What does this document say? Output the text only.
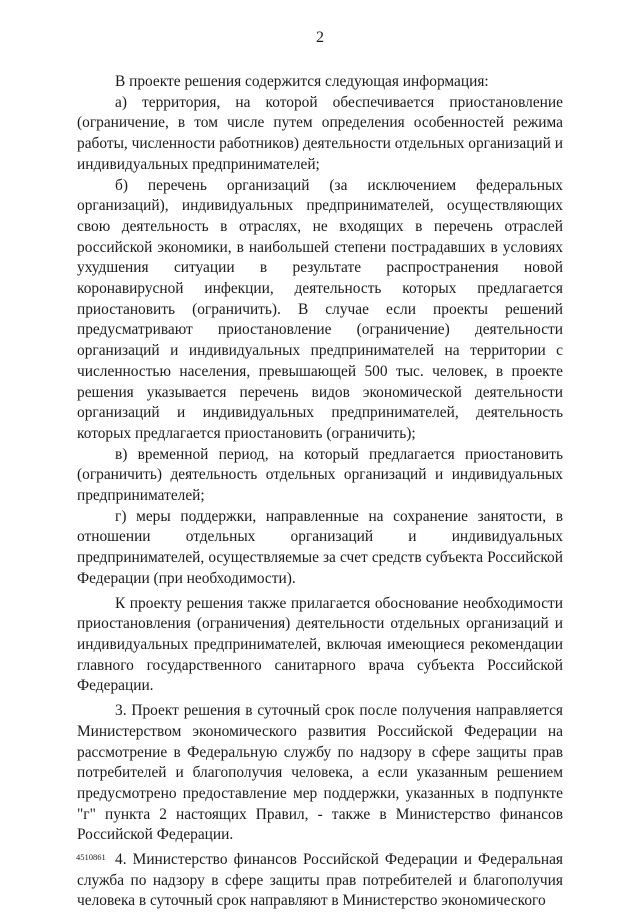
2

В проекте решения содержится следующая информация:

а) территория, на которой обеспечивается приостановление (ограничение, в том числе путем определения особенностей режима работы, численности работников) деятельности отдельных организаций и индивидуальных предпринимателей;

б) перечень организаций (за исключением федеральных организаций), индивидуальных предпринимателей, осуществляющих свою деятельность в отраслях, не входящих в перечень отраслей российской экономики, в наибольшей степени пострадавших в условиях ухудшения ситуации в результате распространения новой коронавирусной инфекции, деятельность которых предлагается приостановить (ограничить). В случае если проекты решений предусматривают приостановление (ограничение) деятельности организаций и индивидуальных предпринимателей на территории с численностью населения, превышающей 500 тыс. человек, в проекте решения указывается перечень видов экономической деятельности организаций и индивидуальных предпринимателей, деятельность которых предлагается приостановить (ограничить);

в) временной период, на который предлагается приостановить (ограничить) деятельность отдельных организаций и индивидуальных предпринимателей;

г) меры поддержки, направленные на сохранение занятости, в отношении отдельных организаций и индивидуальных предпринимателей, осуществляемые за счет средств субъекта Российской Федерации (при необходимости).

К проекту решения также прилагается обоснование необходимости приостановления (ограничения) деятельности отдельных организаций и индивидуальных предпринимателей, включая имеющиеся рекомендации главного государственного санитарного врача субъекта Российской Федерации.

3. Проект решения в суточный срок после получения направляется Министерством экономического развития Российской Федерации на рассмотрение в Федеральную службу по надзору в сфере защиты прав потребителей и благополучия человека, а если указанным решением предусмотрено предоставление мер поддержки, указанных в подпункте "г" пункта 2 настоящих Правил, - также в Министерство финансов Российской Федерации.

4. Министерство финансов Российской Федерации и Федеральная служба по надзору в сфере защиты прав потребителей и благополучия человека в суточный срок направляют в Министерство экономического

4510861
